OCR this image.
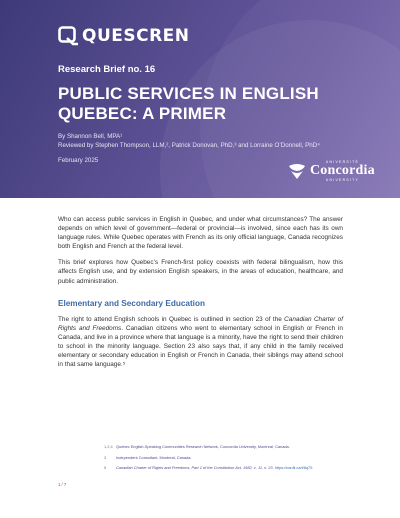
QUESCREN
Research Brief no. 16
PUBLIC SERVICES IN ENGLISH
QUEBEC: A PRIMER
By Shannon Bell, MPA¹
Reviewed by Stephen Thompson, LLM,², Patrick Donovan, PhD,³ and Lorraine O’Donnell, PhD⁴
February 2025	UNIVERSITÉ
Concordia
UNIVERSITY

Who can access public services in English in Quebec, and under what circumstances? The answer depends on which level of government—federal or provincial—is involved, since each has its own language rules. While Quebec operates with French as its only official language, Canada recognizes both English and French at the federal level.

This brief explores how Quebec’s French-first policy coexists with federal bilingualism, how this affects English use, and by extension English speakers, in the areas of education, healthcare, and public administration.

Elementary and Secondary Education

The right to attend English schools in Quebec is outlined in section 23 of the Canadian Charter of Rights and Freedoms. Canadian citizens who went to elementary school in English or French in Canada, and live in a province where that language is a minority, have the right to send their children to school in the minority language. Section 23 also says that, if any child in the family received elementary or secondary education in English or French in Canada, their siblings may attend school in that same language.⁵

1,2,4 Quebec English-Speaking Communities Research Network, Concordia University, Montreal, Canada.
3	Independent Consultant, Montreal, Canada.
5	Canadian Charter of Rights and Freedoms, Part 1 of the Constitution Act, 1982, c. 11, s. 23. https://canlii.ca/t/8q75
1 / 7
